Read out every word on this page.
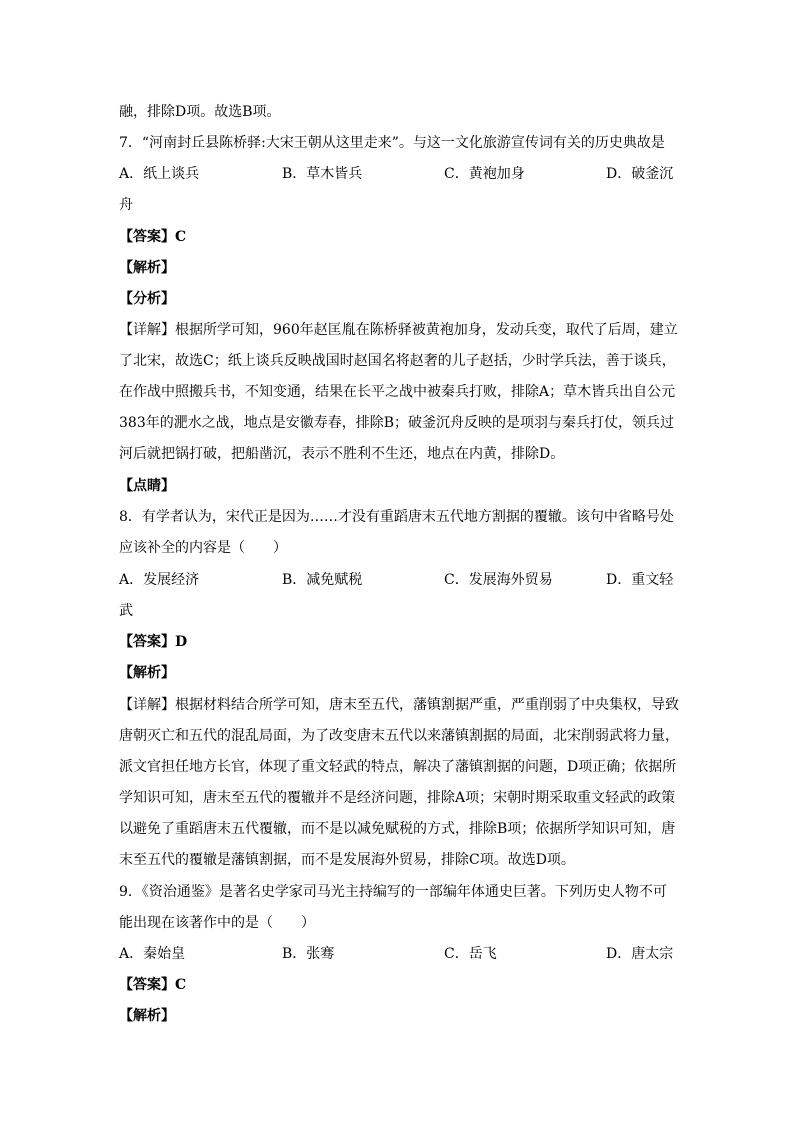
融，排除D项。故选B项。
7．“河南封丘县陈桥驿:大宋王朝从这里走来”。与这一文化旅游宣传词有关的历史典故是
A．纸上谈兵	B．草木皆兵	C．黄袍加身	D．破釜沉
舟
【答案】C
【解析】
【分析】
【详解】根据所学可知，960年赵匡胤在陈桥驿被黄袍加身，发动兵变，取代了后周，建立
了北宋，故选C；纸上谈兵反映战国时赵国名将赵奢的儿子赵括，少时学兵法，善于谈兵，
在作战中照搬兵书，不知变通，结果在长平之战中被秦兵打败，排除A；草木皆兵出自公元
383年的淝水之战，地点是安徽寿春，排除B；破釜沉舟反映的是项羽与秦兵打仗，领兵过
河后就把锅打破，把船凿沉，表示不胜利不生还，地点在内黄，排除D。
【点睛】
8．有学者认为，宋代正是因为……才没有重蹈唐末五代地方割据的覆辙。该句中省略号处
应该补全的内容是（　　）
A．发展经济	B．减免赋税	C．发展海外贸易	D．重文轻
武
【答案】D
【解析】
【详解】根据材料结合所学可知，唐末至五代，藩镇割据严重，严重削弱了中央集权，导致
唐朝灭亡和五代的混乱局面，为了改变唐末五代以来藩镇割据的局面，北宋削弱武将力量，
派文官担任地方长官，体现了重文轻武的特点，解决了藩镇割据的问题，D项正确；依据所
学知识可知，唐末至五代的覆辙并不是经济问题，排除A项；宋朝时期采取重文轻武的政策
以避免了重蹈唐末五代覆辙，而不是以减免赋税的方式，排除B项；依据所学知识可知，唐
末至五代的覆辙是藩镇割据，而不是发展海外贸易，排除C项。故选D项。
9．《资治通鉴》是著名史学家司马光主持编写的一部编年体通史巨著。下列历史人物不可
能出现在该著作中的是（　　）
A．秦始皇	B．张骞	C．岳飞	D．唐太宗
【答案】C
【解析】
